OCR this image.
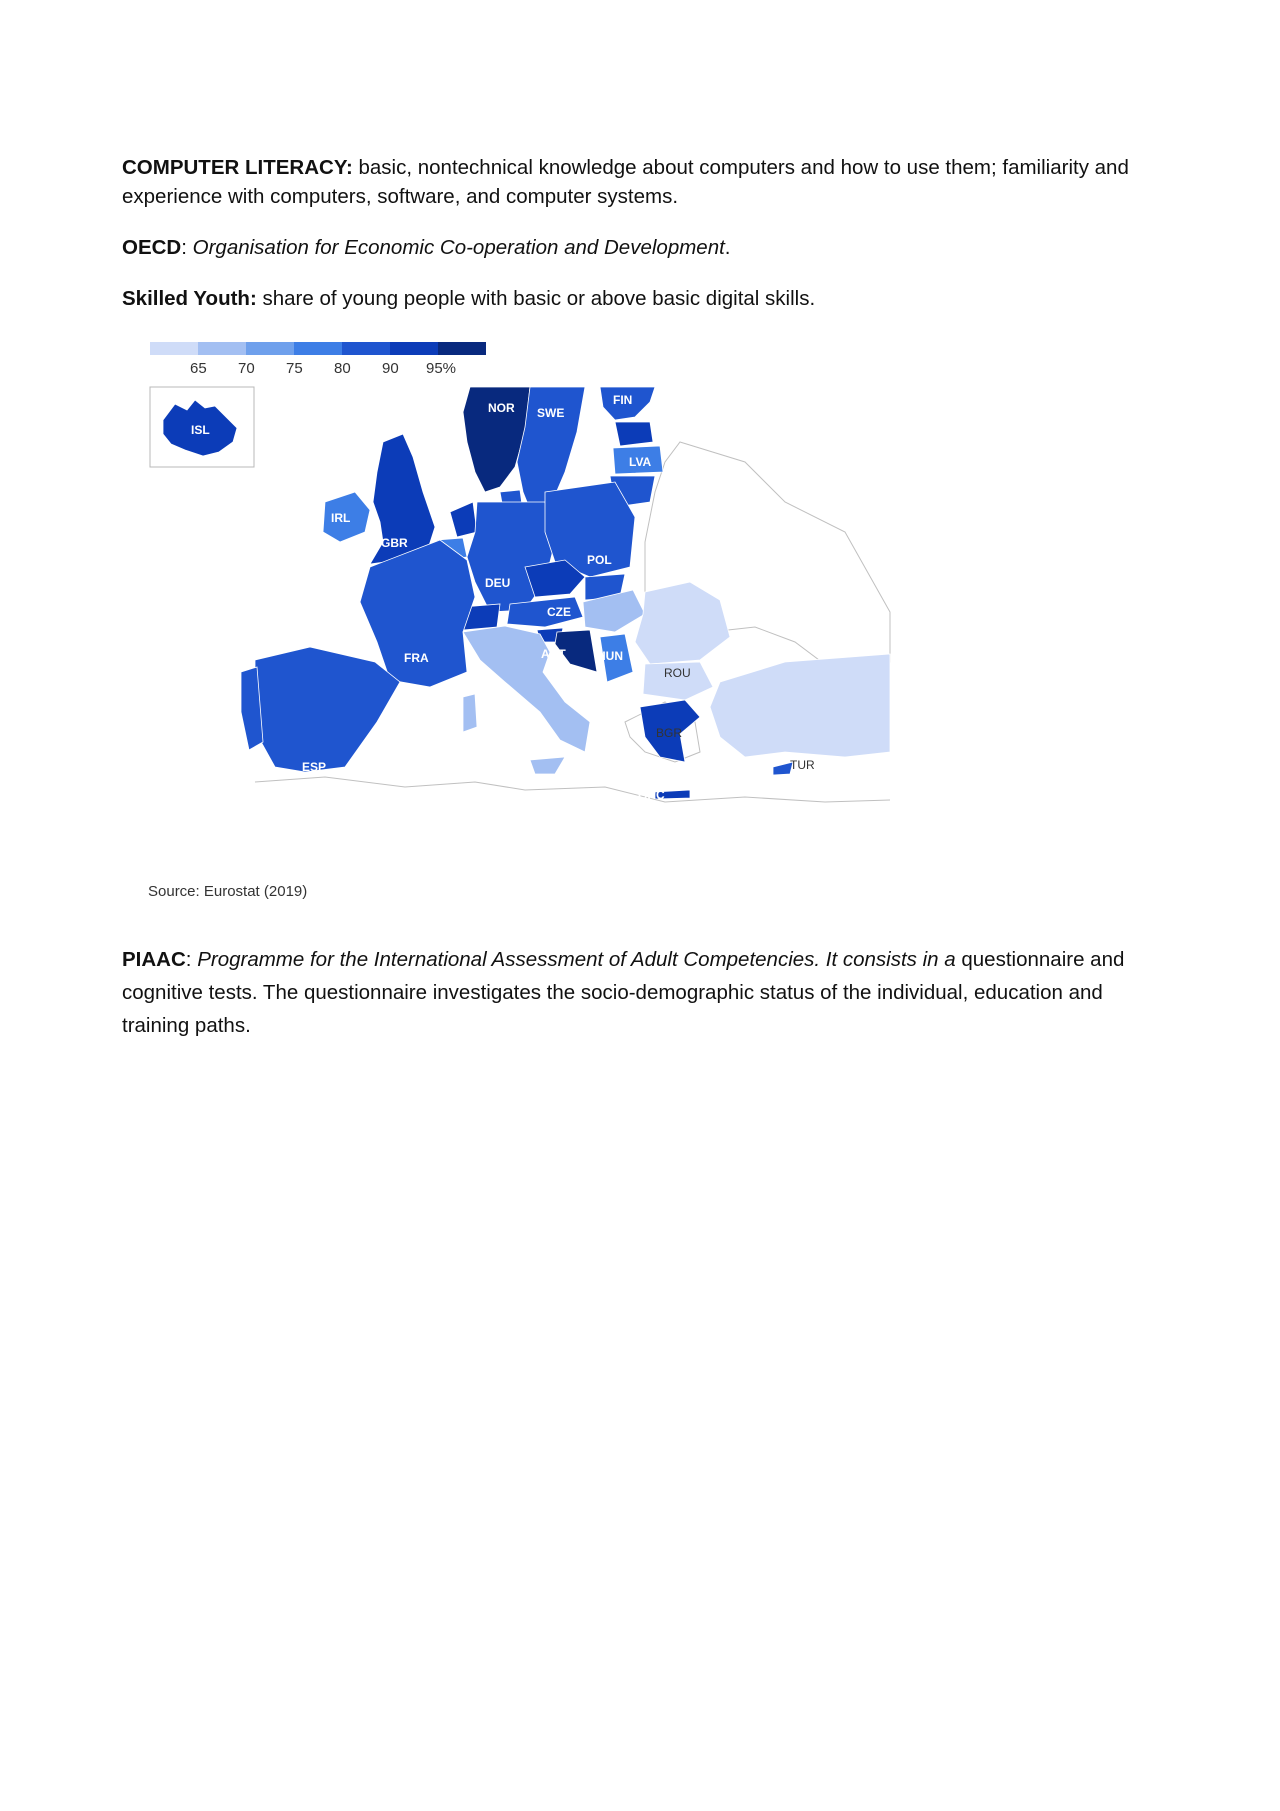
COMPUTER LITERACY: basic, nontechnical knowledge about computers and how to use them; familiarity and experience with computers, software, and computer systems.

OECD: Organisation for Economic Co-operation and Development.

Skilled Youth: share of young people with basic or above basic digital skills.

65 70 75 80 90 95%
ISL
NOR SWE
FIN
LVA
IRL
GBR
POL
DEU
CZE
FRA	AUT	HUN
ROU
ITA
BGR
ESP	TUR
GRC
Source: Eurostat (2019)

PIAAC: Programme for the International Assessment of Adult Competencies. It consists in a questionnaire and cognitive tests. The questionnaire investigates the socio-demographic status of the individual, education and training paths.
